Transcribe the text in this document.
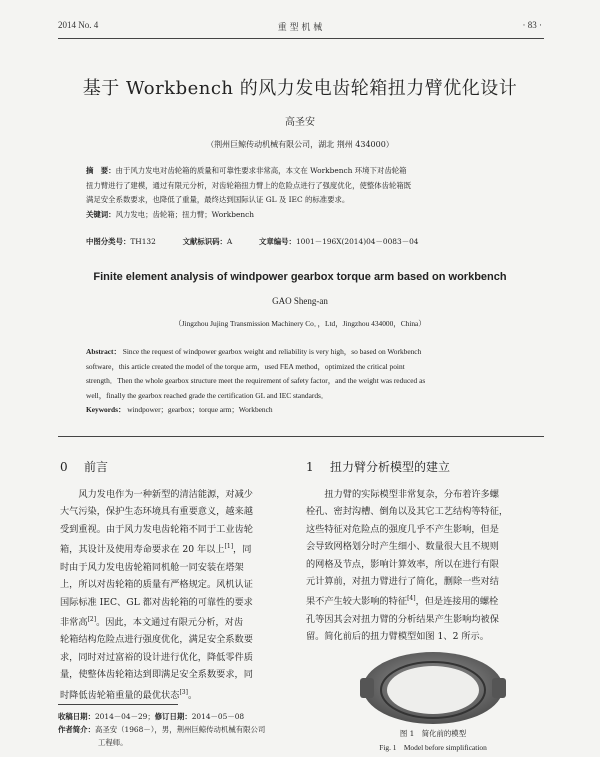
2014 No. 4	重 型 机 械	· 83 ·
基于 Workbench 的风力发电齿轮箱扭力臂优化设计
高圣安
（荆州巨鲸传动机械有限公司，湖北 荆州 434000）
摘　要：由于风力发电对齿轮箱的质量和可靠性要求非常高，本文在 Workbench 环境下对齿轮箱
扭力臂进行了建模，通过有限元分析，对齿轮箱扭力臂上的危险点进行了强度优化，使整体齿轮箱既
满足安全系数要求，也降低了重量，最终达到国际认证 GL 及 IEC 的标准要求。
关键词：风力发电；齿轮箱；扭力臂；Workbench
中图分类号：TH132	文献标识码：A	文章编号：1001－196X(2014)04－0083－04
Finite element analysis of windpower gearbox torque arm based on workbench
GAO Sheng-an
（Jingzhou Jujing Transmission Machinery Co．，Ltd，Jingzhou 434000，China）
Abstract： Since the request of windpower gearbox weight and reliability is very high，so based on Workbench
software，this article created the model of the torque arm，used FEA method，optimized the critical point
strength．Then the whole gearbox structure meet the requirement of safety factor，and the weight was reduced as
well，finally the gearbox reached grade the certification GL and IEC standards．
Keywords： windpower；gearbox；torque arm；Workbench
0 前言
风力发电作为一种新型的清洁能源，对减少
大气污染，保护生态环境具有重要意义，越来越
受到重视。由于风力发电齿轮箱不同于工业齿轮
箱，其设计及使用寿命要求在 20 年以上[1]，同
时由于风力发电齿轮箱同机舱一同安装在塔架
上，所以对齿轮箱的质量有严格规定。风机认证
国际标准 IEC、GL 都对齿轮箱的可靠性的要求
非常高[2]。因此，本文通过有限元分析，对齿
轮箱结构危险点进行强度优化，满足安全系数要
求，同时对过富裕的设计进行优化，降低零件质
量，使整体齿轮箱达到即满足安全系数要求，同
时降低齿轮箱重量的最优状态[3]。
1 扭力臂分析模型的建立
扭力臂的实际模型非常复杂，分布着许多螺
栓孔、密封沟槽、倒角以及其它工艺结构等特征，
这些特征对危险点的强度几乎不产生影响，但是
会导致网格划分时产生细小、数量很大且不规则
的网格及节点，影响计算效率，所以在进行有限
元计算前，对扭力臂进行了简化，删除一些对结
果不产生较大影响的特征[4]，但是连接用的螺栓
孔等因其会对扭力臂的分析结果产生影响均被保
留。简化前后的扭力臂模型如图 1、2 所示。
图 1　简化前的模型
Fig. 1　Model before simplification
收稿日期：2014－04－29；修订日期：2014－05－08
作者简介：高圣安（1968－），男，荆州巨鲸传动机械有限公司
工程师。
